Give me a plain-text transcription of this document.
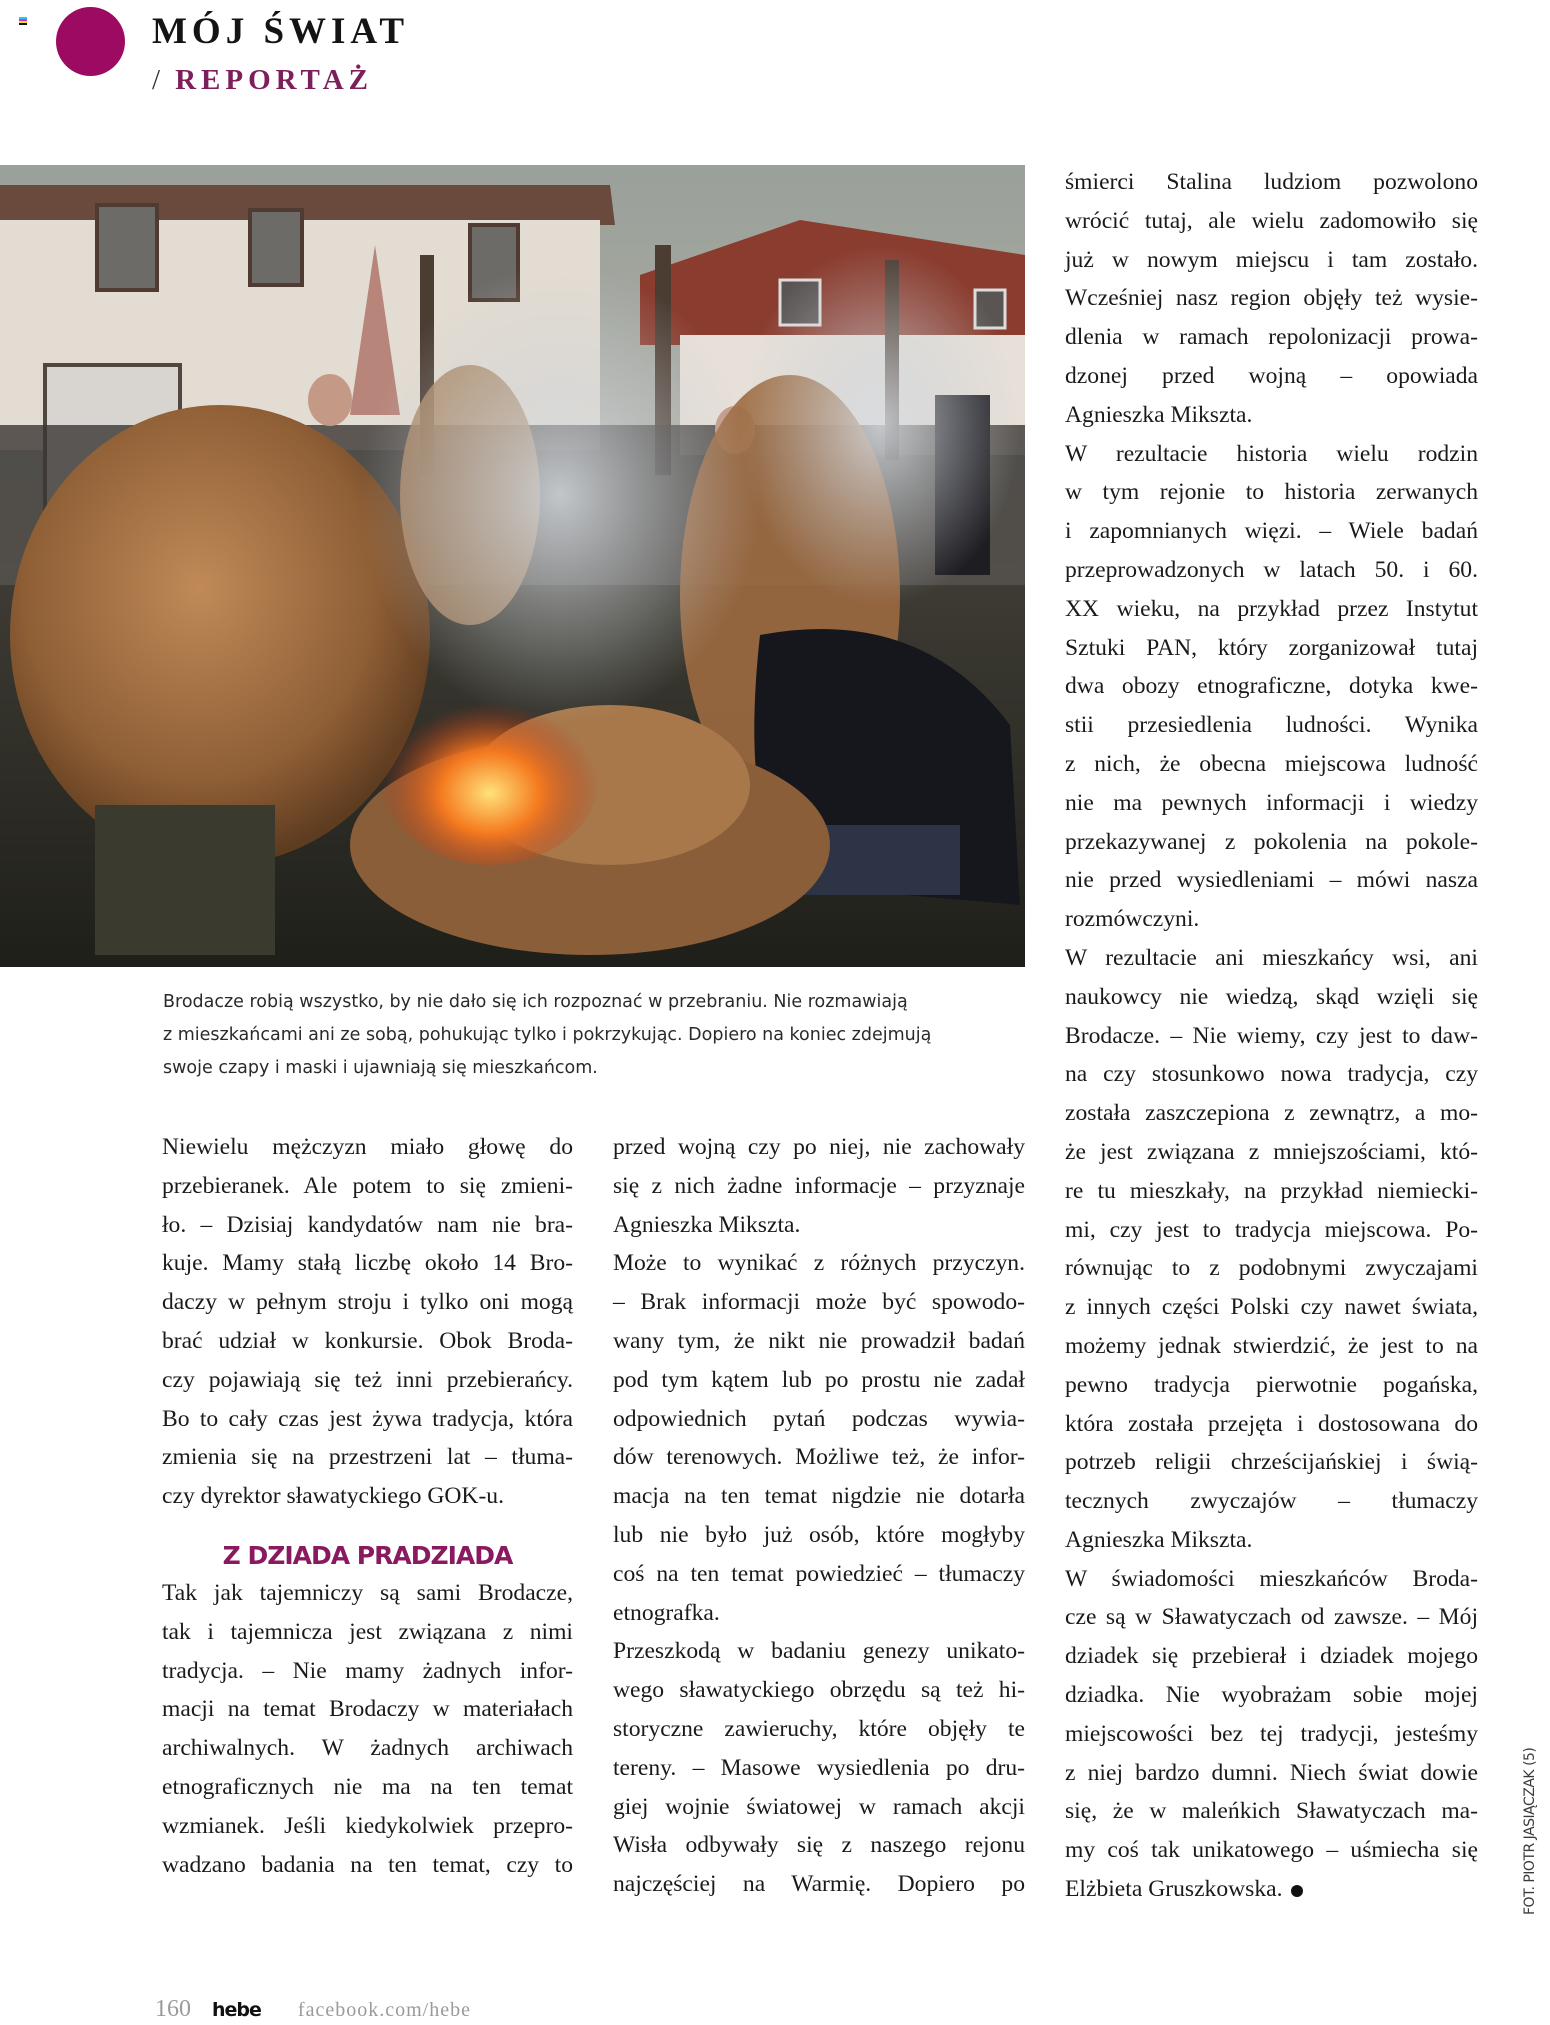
MÓJ ŚWIAT
/ REPORTAŻ
Brodacze robią wszystko, by nie dało się ich rozpoznać w przebraniu. Nie rozmawiają
z mieszkańcami ani ze sobą, pohukując tylko i pokrzykując. Dopiero na koniec zdejmują
swoje czapy i maski i ujawniają się mieszkańcom.
Niewielu mężczyzn miało głowę do
przebieranek. Ale potem to się zmieni-
ło. – Dzisiaj kandydatów nam nie bra-
kuje. Mamy stałą liczbę około 14 Bro-
daczy w pełnym stroju i tylko oni mogą
brać udział w konkursie. Obok Broda-
czy pojawiają się też inni przebierańcy.
Bo to cały czas jest żywa tradycja, która
zmienia się na przestrzeni lat – tłuma-
czy dyrektor sławatyckiego GOK-u.
Z DZIADA PRADZIADA
Tak jak tajemniczy są sami Brodacze,
tak i tajemnicza jest związana z nimi
tradycja. – Nie mamy żadnych infor-
macji na temat Brodaczy w materiałach
archiwalnych. W żadnych archiwach
etnograficznych nie ma na ten temat
wzmianek. Jeśli kiedykolwiek przepro-
wadzano badania na ten temat, czy to
przed wojną czy po niej, nie zachowały
się z nich żadne informacje – przyznaje
Agnieszka Mikszta.
Może to wynikać z różnych przyczyn.
– Brak informacji może być spowodo-
wany tym, że nikt nie prowadził badań
pod tym kątem lub po prostu nie zadał
odpowiednich pytań podczas wywia-
dów terenowych. Możliwe też, że infor-
macja na ten temat nigdzie nie dotarła
lub nie było już osób, które mogłyby
coś na ten temat powiedzieć – tłumaczy
etnografka.
Przeszkodą w badaniu genezy unikato-
wego sławatyckiego obrzędu są też hi-
storyczne zawieruchy, które objęły te
tereny. – Masowe wysiedlenia po dru-
giej wojnie światowej w ramach akcji
Wisła odbywały się z naszego rejonu
najczęściej na Warmię. Dopiero po
śmierci Stalina ludziom pozwolono
wrócić tutaj, ale wielu zadomowiło się
już w nowym miejscu i tam zostało.
Wcześniej nasz region objęły też wysie-
dlenia w ramach repolonizacji prowa-
dzonej przed wojną – opowiada
Agnieszka Mikszta.
W rezultacie historia wielu rodzin
w tym rejonie to historia zerwanych
i zapomnianych więzi. – Wiele badań
przeprowadzonych w latach 50. i 60.
XX wieku, na przykład przez Instytut
Sztuki PAN, który zorganizował tutaj
dwa obozy etnograficzne, dotyka kwe-
stii przesiedlenia ludności. Wynika
z nich, że obecna miejscowa ludność
nie ma pewnych informacji i wiedzy
przekazywanej z pokolenia na pokole-
nie przed wysiedleniami – mówi nasza
rozmówczyni.
W rezultacie ani mieszkańcy wsi, ani
naukowcy nie wiedzą, skąd wzięli się
Brodacze. – Nie wiemy, czy jest to daw-
na czy stosunkowo nowa tradycja, czy
została zaszczepiona z zewnątrz, a mo-
że jest związana z mniejszościami, któ-
re tu mieszkały, na przykład niemiecki-
mi, czy jest to tradycja miejscowa. Po-
równując to z podobnymi zwyczajami
z innych części Polski czy nawet świata,
możemy jednak stwierdzić, że jest to na
pewno tradycja pierwotnie pogańska,
która została przejęta i dostosowana do
potrzeb religii chrześcijańskiej i świą-
tecznych zwyczajów – tłumaczy
Agnieszka Mikszta.
W świadomości mieszkańców Broda-
cze są w Sławatyczach od zawsze. – Mój
dziadek się przebierał i dziadek mojego
dziadka. Nie wyobrażam sobie mojej
miejscowości bez tej tradycji, jesteśmy
z niej bardzo dumni. Niech świat dowie
się, że w maleńkich Sławatyczach ma-
my coś tak unikatowego – uśmiecha się
Elżbieta Gruszkowska.	FOT. PIOTR JASIĄCZAK (5)
160 hebe facebook.com/hebe
